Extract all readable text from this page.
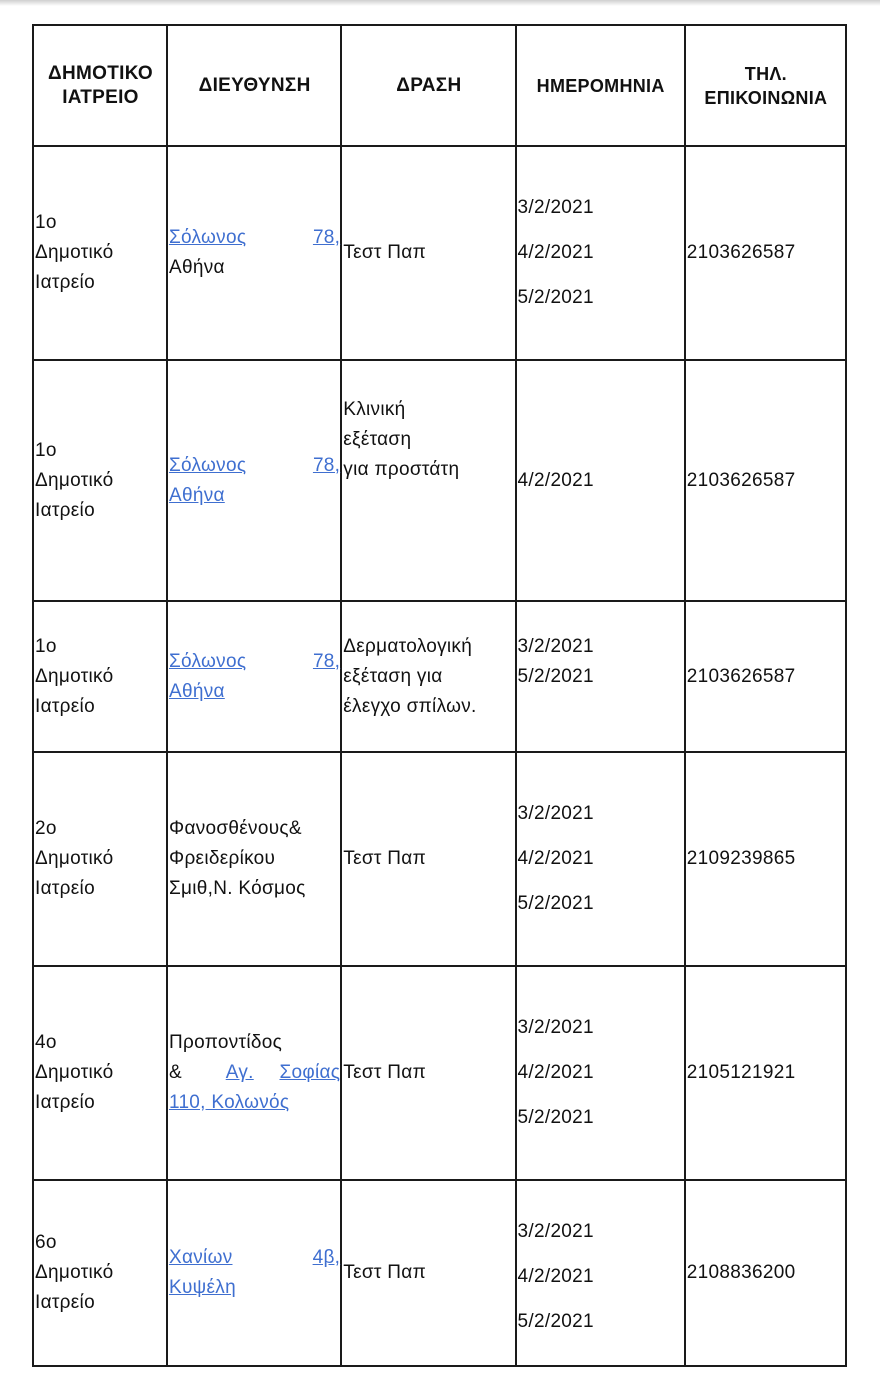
ΔΗΜΟΤΙΚΟ ΙΑΤΡΕΙΟ	ΔΙΕΥΘΥΝΣΗ	ΔΡΑΣΗ	ΗΜΕΡΟΜΗΝΙΑ	ΤΗΛ. ΕΠΙΚΟΙΝΩΝΙΑ

1ο
Δημοτικό
Ιατρείο	Σόλωνος 78,
Αθήνα	Τεστ Παπ	3/2/2021
4/2/2021
5/2/2021	2103626587

1ο
Δημοτικό
Ιατρείο	Σόλωνος 78,
Αθήνα	Κλινική
εξέταση
για προστάτη	4/2/2021	2103626587

1ο
Δημοτικό
Ιατρείο	Σόλωνος 78,
Αθήνα	Δερματολογική
εξέταση για
έλεγχο σπίλων.	3/2/2021
5/2/2021	2103626587

2ο
Δημοτικό
Ιατρείο	Φανοσθένους&
Φρειδερίκου
Σμιθ,Ν. Κόσμος	Τεστ Παπ	3/2/2021
4/2/2021
5/2/2021	2109239865

4ο
Δημοτικό
Ιατρείο	Προποντίδος
& Αγ. Σοφίας
110, Κολωνός	Τεστ Παπ	3/2/2021
4/2/2021
5/2/2021	2105121921

6ο
Δημοτικό
Ιατρείο	Χανίων 4β,
Κυψέλη	Τεστ Παπ	3/2/2021
4/2/2021
5/2/2021	2108836200
